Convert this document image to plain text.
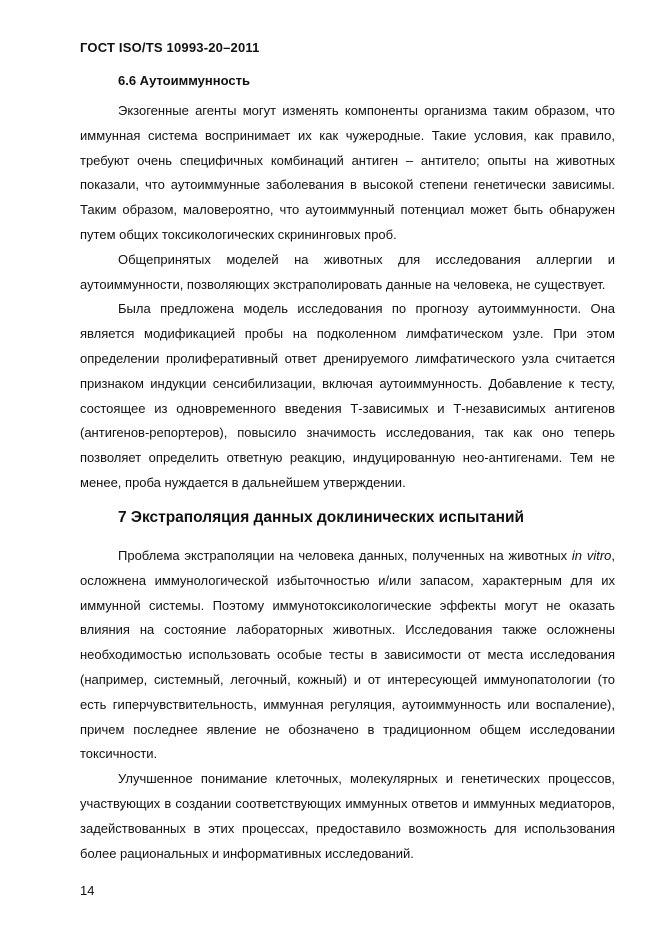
ГОСТ ISO/TS 10993-20–2011
6.6 Аутоиммунность

Экзогенные агенты могут изменять компоненты организма таким образом, что иммунная система воспринимает их как чужеродные. Такие условия, как правило, требуют очень специфичных комбинаций антиген – антитело; опыты на животных показали, что аутоиммунные заболевания в высокой степени генетически зависимы. Таким образом, маловероятно, что аутоиммунный потенциал может быть обнаружен путем общих токсикологических скрининговых проб.

Общепринятых моделей на животных для исследования аллергии и аутоиммунности, позволяющих экстраполировать данные на человека, не существует.

Была предложена модель исследования по прогнозу аутоиммунности. Она является модификацией пробы на подколенном лимфатическом узле. При этом определении пролиферативный ответ дренируемого лимфатического узла считается признаком индукции сенсибилизации, включая аутоиммунность. Добавление к тесту, состоящее из одновременного введения Т-зависимых и Т-независимых антигенов (антигенов-репортеров), повысило значимость исследования, так как оно теперь позволяет определить ответную реакцию, индуцированную нео-антигенами. Тем не менее, проба нуждается в дальнейшем утверждении.

7 Экстраполяция данных доклинических испытаний

Проблема экстраполяции на человека данных, полученных на животных in vitro, осложнена иммунологической избыточностью и/или запасом, характерным для их иммунной системы. Поэтому иммунотоксикологические эффекты могут не оказать влияния на состояние лабораторных животных. Исследования также осложнены необходимостью использовать особые тесты в зависимости от места исследования (например, системный, легочный, кожный) и от интересующей иммунопатологии (то есть гиперчувствительность, иммунная регуляция, аутоиммунность или воспаление), причем последнее явление не обозначено в традиционном общем исследовании токсичности.

Улучшенное понимание клеточных, молекулярных и генетических процессов, участвующих в создании соответствующих иммунных ответов и иммунных медиаторов, задействованных в этих процессах, предоставило возможность для использования более рациональных и информативных исследований.

14
